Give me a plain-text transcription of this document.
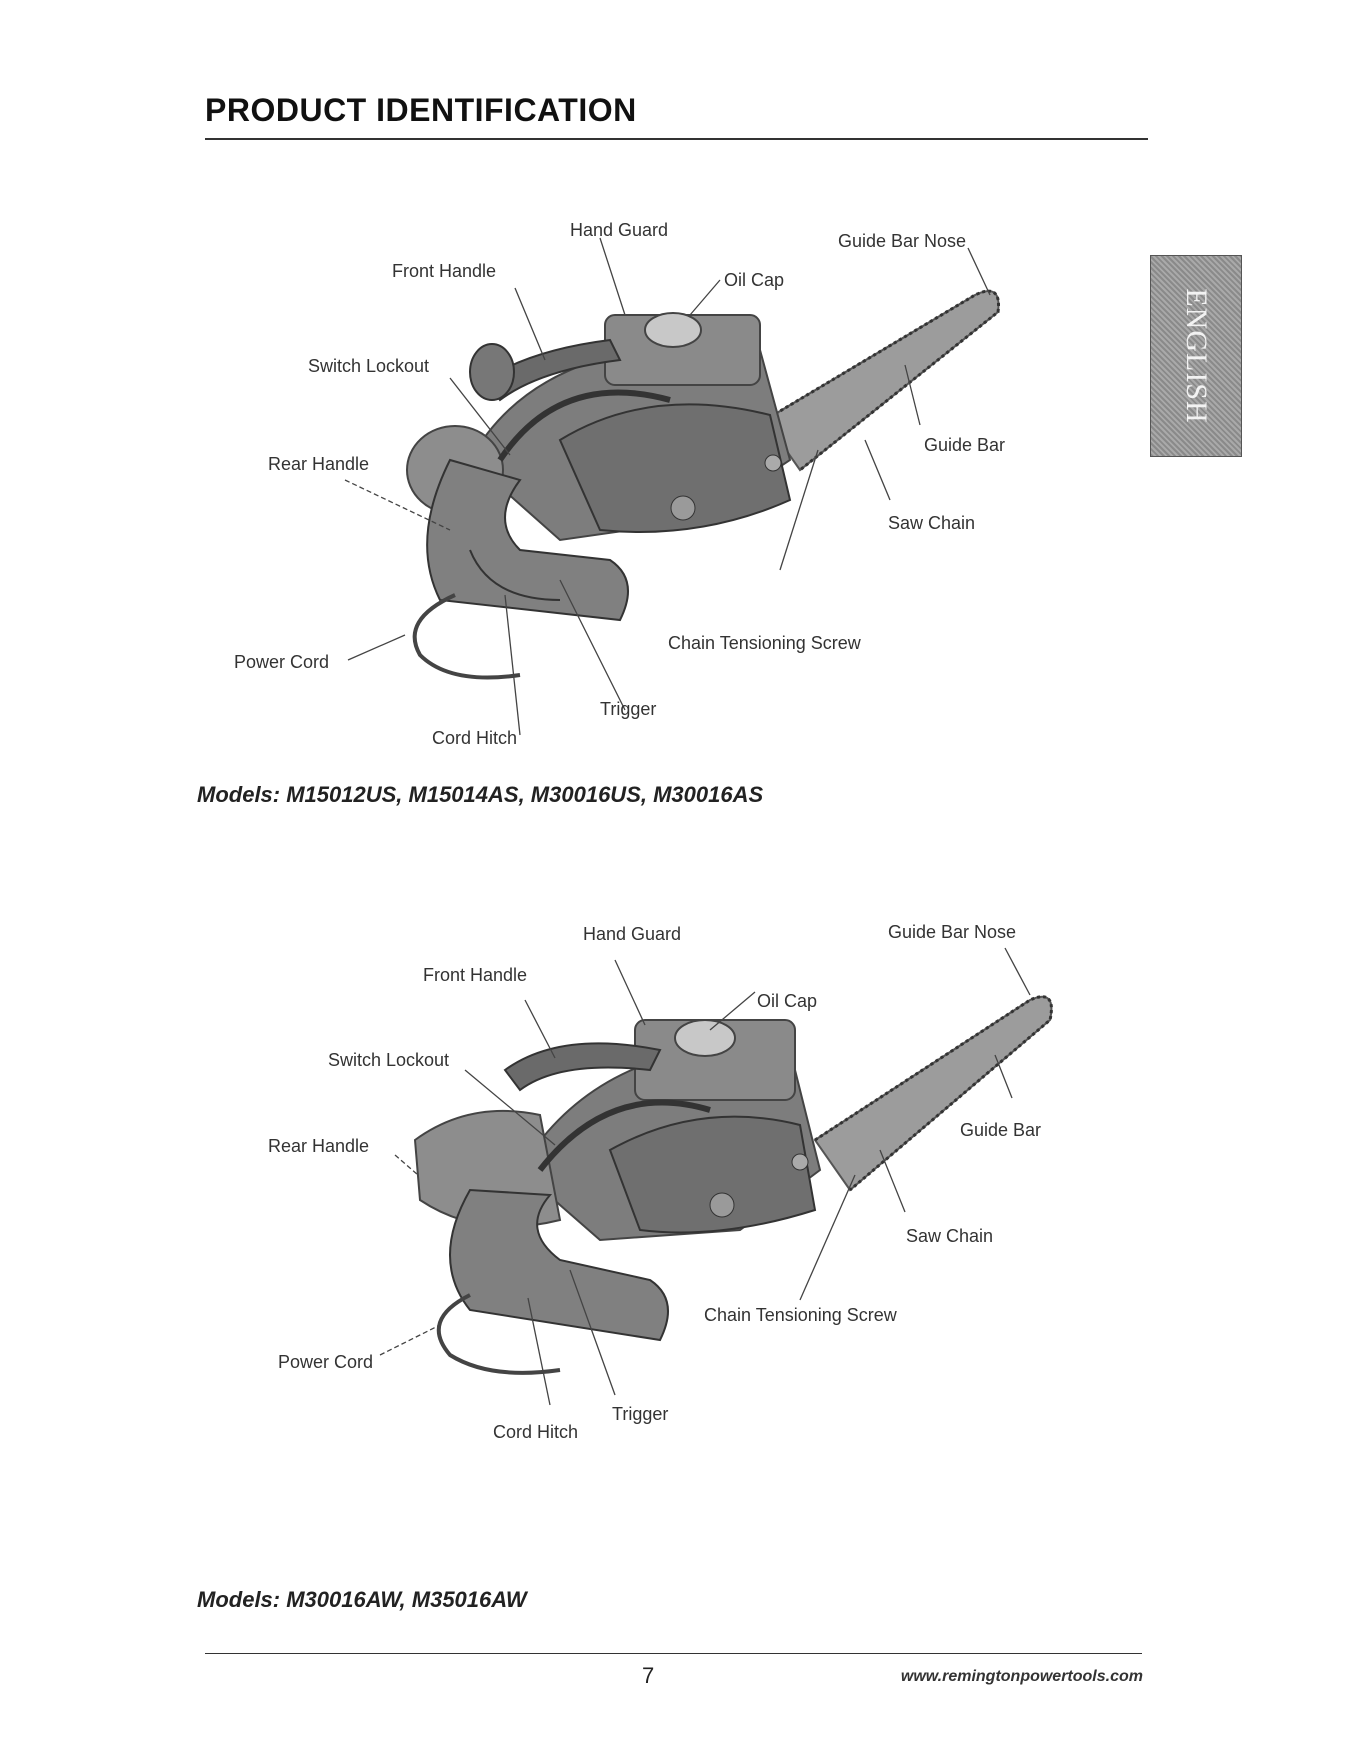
PRODUCT IDENTIFICATION
ENGLISH
Hand Guard
Guide Bar Nose
Front Handle	Oil Cap
Switch Lockout
Rear Handle
Guide Bar
Saw Chain
Chain Tensioning Screw
Power Cord
Trigger
Cord Hitch
Models: M15012US, M15014AS, M30016US, M30016AS
Hand Guard	Guide Bar Nose
Front Handle
Oil Cap
Switch Lockout
Rear Handle
Guide Bar
Saw Chain
Chain Tensioning Screw
Power Cord
Trigger
Cord Hitch
Models: M30016AW, M35016AW
7	www.remingtonpowertools.com
